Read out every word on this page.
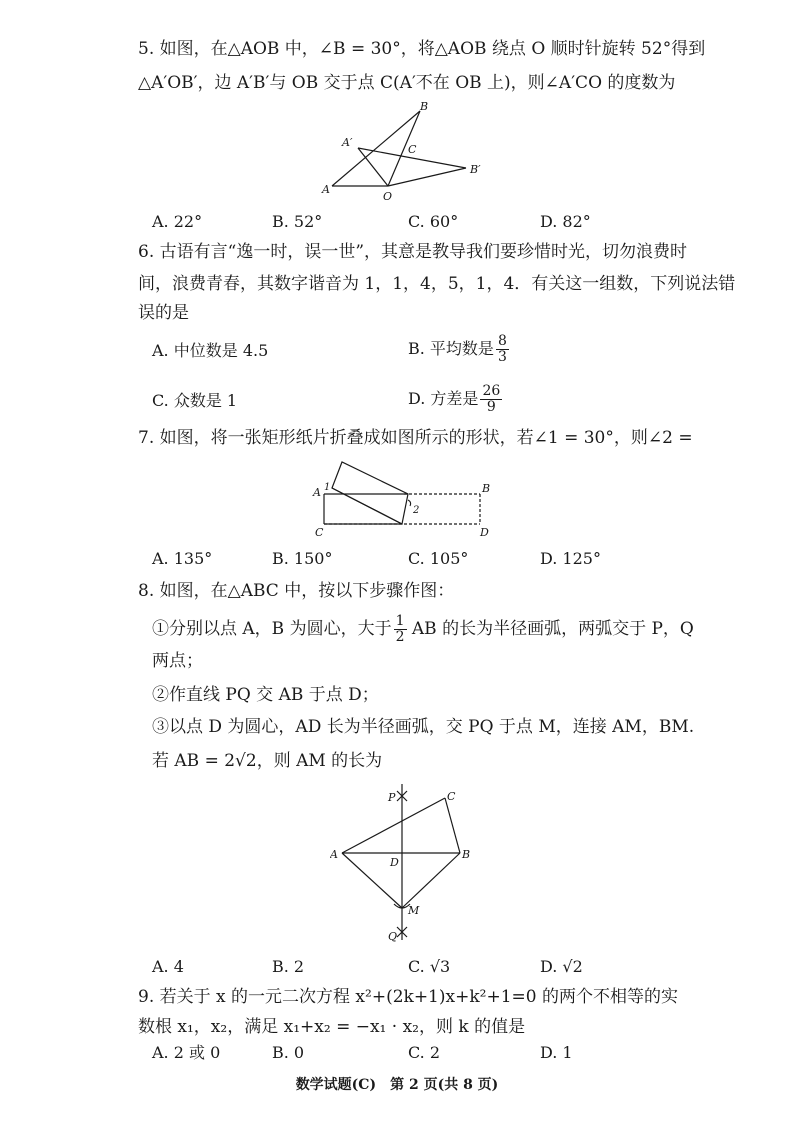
5. 如图，在△AOB 中，∠B = 30°，将△AOB 绕点 O 顺时针旋转 52°得到
△A′OB′，边 A′B′与 OB 交于点 C(A′不在 OB 上)，则∠A′CO 的度数为
B
A′
C
B′
A
O
A. 22°	B. 52°	C. 60°	D. 82°
6. 古语有言“逸一时，误一世”，其意是教导我们要珍惜时光，切勿浪费时
间，浪费青春，其数字谐音为 1，1，4，5，1，4．有关这一组数，下列说法错
误的是
A. 中位数是 4.5	B. 平均数是 $\frac{8}{3}$
C. 众数是 1	D. 方差是 $\frac{26}{9}$
7. 如图，将一张矩形纸片折叠成如图所示的形状，若∠1 = 30°，则∠2 =
A 1
2
B
C	D
A. 135°	B. 150°	C. 105°	D. 125°
8. 如图，在△ABC 中，按以下步骤作图：
①分别以点 A，B 为圆心，大于 $\frac{1}{2}$ AB 的长为半径画弧，两弧交于 P，Q
两点；
②作直线 PQ 交 AB 于点 D；
③以点 D 为圆心，AD 长为半径画弧，交 PQ 于点 M，连接 AM，BM.
若 AB = 2√2，则 AM 的长为
P	C
A
D
B
M
Q
A. 4	B. 2	C. √3	D. √2
9. 若关于 x 的一元二次方程 x²+(2k+1)x+k²+1=0 的两个不相等的实
数根 x₁，x₂，满足 x₁+x₂ = −x₁ · x₂，则 k 的值是
A. 2 或 0	B. 0	C. 2	D. 1
数学试题(C)　第 2 页(共 8 页)
